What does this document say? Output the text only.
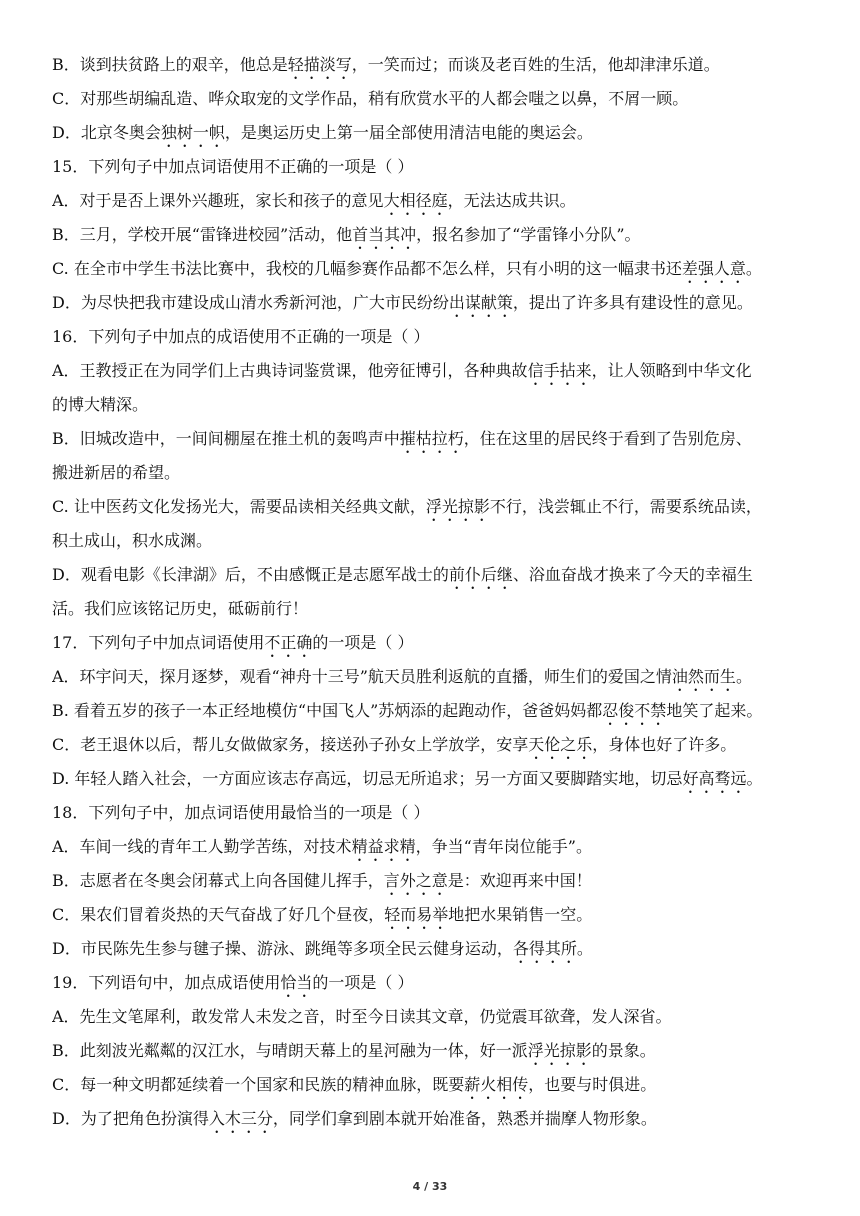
B．谈到扶贫路上的艰辛，他总是轻描淡写，一笑而过；而谈及老百姓的生活，他却津津乐道。
C．对那些胡编乱造、哗众取宠的文学作品，稍有欣赏水平的人都会嗤之以鼻，不屑一顾。
D．北京冬奥会独树一帜，是奥运历史上第一届全部使用清洁电能的奥运会。
15．下列句子中加点词语使用不正确的一项是（ ）
A．对于是否上课外兴趣班，家长和孩子的意见大相径庭，无法达成共识。
B．三月，学校开展“雷锋进校园”活动，他首当其冲，报名参加了“学雷锋小分队”。
C. 在全市中学生书法比赛中，我校的几幅参赛作品都不怎么样，只有小明的这一幅隶书还差强人意。
D．为尽快把我市建设成山清水秀新河池，广大市民纷纷出谋献策，提出了许多具有建设性的意见。
16．下列句子中加点的成语使用不正确的一项是（ ）
A．王教授正在为同学们上古典诗词鉴赏课，他旁征博引，各种典故信手拈来，让人领略到中华文化
的博大精深。
B．旧城改造中，一间间棚屋在推土机的轰鸣声中摧枯拉朽，住在这里的居民终于看到了告别危房、
搬进新居的希望。
C. 让中医药文化发扬光大，需要品读相关经典文献，浮光掠影不行，浅尝辄止不行，需要系统品读，
积土成山，积水成渊。
D．观看电影《长津湖》后，不由感慨正是志愿军战士的前仆后继、浴血奋战才换来了今天的幸福生
活。我们应该铭记历史，砥砺前行！
17．下列句子中加点词语使用不正确的一项是（ ）
A．环宇问天，探月逐梦，观看“神舟十三号”航天员胜利返航的直播，师生们的爱国之情油然而生。
B. 看着五岁的孩子一本正经地模仿“中国飞人”苏炳添的起跑动作，爸爸妈妈都忍俊不禁地笑了起来。
C．老王退休以后，帮儿女做做家务，接送孙子孙女上学放学，安享天伦之乐，身体也好了许多。
D. 年轻人踏入社会，一方面应该志存高远，切忌无所追求；另一方面又要脚踏实地，切忌好高骛远。
18．下列句子中，加点词语使用最恰当的一项是（ ）
A．车间一线的青年工人勤学苦练，对技术精益求精，争当“青年岗位能手”。
B．志愿者在冬奥会闭幕式上向各国健儿挥手，言外之意是：欢迎再来中国！
C．果农们冒着炎热的天气奋战了好几个昼夜，轻而易举地把水果销售一空。
D．市民陈先生参与毽子操、游泳、跳绳等多项全民云健身运动，各得其所。
19．下列语句中，加点成语使用恰当的一项是（ ）
A．先生文笔犀利，敢发常人未发之音，时至今日读其文章，仍觉震耳欲聋，发人深省。
B．此刻波光粼粼的汉江水，与晴朗天幕上的星河融为一体，好一派浮光掠影的景象。
C．每一种文明都延续着一个国家和民族的精神血脉，既要薪火相传，也要与时俱进。
D．为了把角色扮演得入木三分，同学们拿到剧本就开始准备，熟悉并揣摩人物形象。
4 / 33
